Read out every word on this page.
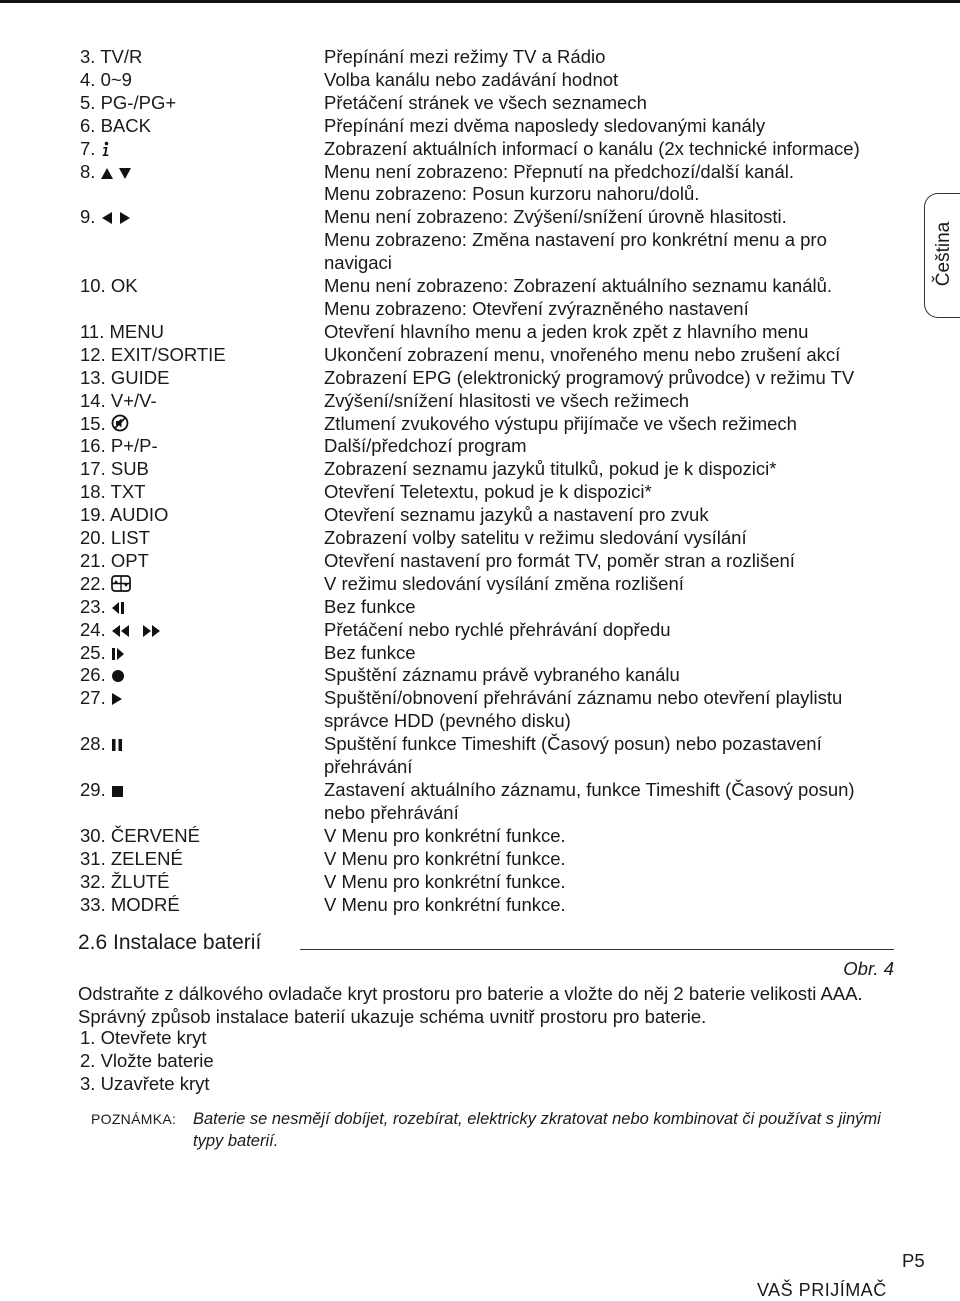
3. TV/R	Přepínání mezi režimy TV a Rádio
4. 0~9	Volba kanálu nebo zadávání hodnot
5. PG-/PG+	Přetáčení stránek ve všech seznamech
6. BACK	Přepínání mezi dvěma naposledy sledovanými kanály
7.	Zobrazení aktuálních informací o kanálu (2x technické informace)
8.	Menu není zobrazeno: Přepnutí na předchozí/další kanál.
Menu zobrazeno: Posun kurzoru nahoru/dolů.
9.	Menu není zobrazeno: Zvýšení/snížení úrovně hlasitosti.
Menu zobrazeno: Změna nastavení pro konkrétní menu a pro
navigaci
10. OK	Menu není zobrazeno: Zobrazení aktuálního seznamu kanálů.
Menu zobrazeno: Otevření zvýrazněného nastavení
11. MENU	Otevření hlavního menu a jeden krok zpět z hlavního menu
12. EXIT/SORTIE	Ukončení zobrazení menu, vnořeného menu nebo zrušení akcí
13. GUIDE	Zobrazení EPG (elektronický programový průvodce) v režimu TV
14. V+/V-	Zvýšení/snížení hlasitosti ve všech režimech
15.	Ztlumení zvukového výstupu přijímače ve všech režimech
16. P+/P-	Další/předchozí program
17. SUB	Zobrazení seznamu jazyků titulků, pokud je k dispozici*
18. TXT	Otevření Teletextu, pokud je k dispozici*
19. AUDIO	Otevření seznamu jazyků a nastavení pro zvuk
20. LIST	Zobrazení volby satelitu v režimu sledování vysílání
21. OPT	Otevření nastavení pro formát TV, poměr stran a rozlišení
22.	V režimu sledování vysílání změna rozlišení
23.	Bez funkce
24.	Přetáčení nebo rychlé přehrávání dopředu
25.	Bez funkce
26.	Spuštění záznamu právě vybraného kanálu
27.	Spuštění/obnovení přehrávání záznamu nebo otevření playlistu
správce HDD (pevného disku)
28.	Spuštění funkce Timeshift (Časový posun) nebo pozastavení
přehrávání
29.	Zastavení aktuálního záznamu, funkce Timeshift (Časový posun)
nebo přehrávání
30. ČERVENÉ	V Menu pro konkrétní funkce.
31. ZELENÉ	V Menu pro konkrétní funkce.
32. ŽLUTÉ	V Menu pro konkrétní funkce.
33. MODRÉ	V Menu pro konkrétní funkce.
Čeština
2.6 Instalace baterií
Obr. 4
Odstraňte z dálkového ovladače kryt prostoru pro baterie a vložte do něj 2 baterie velikosti AAA.
Správný způsob instalace baterií ukazuje schéma uvnitř prostoru pro baterie.
1. Otevřete kryt
2. Vložte baterie
3. Uzavřete kryt
POZNÁMKA: Baterie se nesmějí dobíjet, rozebírat, elektricky zkratovat nebo kombinovat či používat s jinými
typy baterií.
P5
VAŠ PRIJÍMAČ
